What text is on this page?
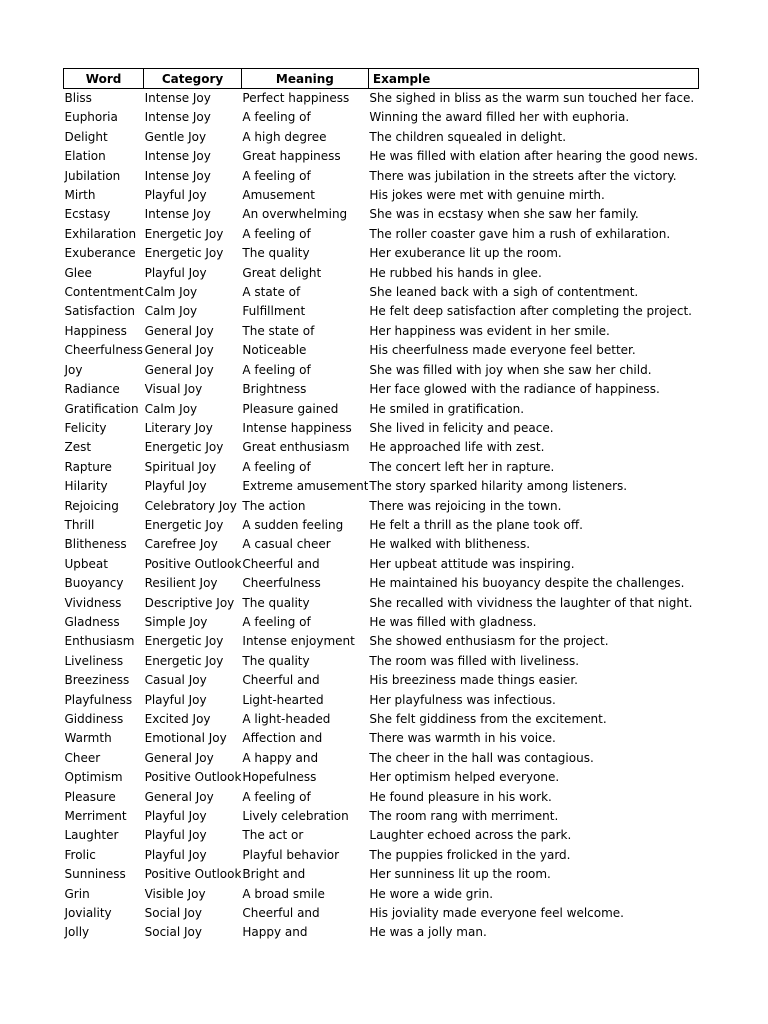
Word	Category	Meaning	Example
Bliss	Intense Joy	Perfect happiness	She sighed in bliss as the warm sun touched her face.
Euphoria	Intense Joy	A feeling of	Winning the award filled her with euphoria.
Delight	Gentle Joy	A high degree	The children squealed in delight.
Elation	Intense Joy	Great happiness	He was filled with elation after hearing the good news.
Jubilation	Intense Joy	A feeling of	There was jubilation in the streets after the victory.
Mirth	Playful Joy	Amusement	His jokes were met with genuine mirth.
Ecstasy	Intense Joy	An overwhelming	She was in ecstasy when she saw her family.
Exhilaration	Energetic Joy	A feeling of	The roller coaster gave him a rush of exhilaration.
Exuberance	Energetic Joy	The quality	Her exuberance lit up the room.
Glee	Playful Joy	Great delight	He rubbed his hands in glee.
Contentment	Calm Joy	A state of	She leaned back with a sigh of contentment.
Satisfaction	Calm Joy	Fulfillment	He felt deep satisfaction after completing the project.
Happiness	General Joy	The state of	Her happiness was evident in her smile.
Cheerfulness	General Joy	Noticeable	His cheerfulness made everyone feel better.
Joy	General Joy	A feeling of	She was filled with joy when she saw her child.
Radiance	Visual Joy	Brightness	Her face glowed with the radiance of happiness.
Gratification	Calm Joy	Pleasure gained	He smiled in gratification.
Felicity	Literary Joy	Intense happiness	She lived in felicity and peace.
Zest	Energetic Joy	Great enthusiasm	He approached life with zest.
Rapture	Spiritual Joy	A feeling of	The concert left her in rapture.
Hilarity	Playful Joy	Extreme amusement	The story sparked hilarity among listeners.
Rejoicing	Celebratory Joy	The action	There was rejoicing in the town.
Thrill	Energetic Joy	A sudden feeling	He felt a thrill as the plane took off.
Blitheness	Carefree Joy	A casual cheer	He walked with blitheness.
Upbeat	Positive Outlook	Cheerful and	Her upbeat attitude was inspiring.
Buoyancy	Resilient Joy	Cheerfulness	He maintained his buoyancy despite the challenges.
Vividness	Descriptive Joy	The quality	She recalled with vividness the laughter of that night.
Gladness	Simple Joy	A feeling of	He was filled with gladness.
Enthusiasm	Energetic Joy	Intense enjoyment	She showed enthusiasm for the project.
Liveliness	Energetic Joy	The quality	The room was filled with liveliness.
Breeziness	Casual Joy	Cheerful and	His breeziness made things easier.
Playfulness	Playful Joy	Light-hearted	Her playfulness was infectious.
Giddiness	Excited Joy	A light-headed	She felt giddiness from the excitement.
Warmth	Emotional Joy	Affection and	There was warmth in his voice.
Cheer	General Joy	A happy and	The cheer in the hall was contagious.
Optimism	Positive Outlook	Hopefulness	Her optimism helped everyone.
Pleasure	General Joy	A feeling of	He found pleasure in his work.
Merriment	Playful Joy	Lively celebration	The room rang with merriment.
Laughter	Playful Joy	The act or	Laughter echoed across the park.
Frolic	Playful Joy	Playful behavior	The puppies frolicked in the yard.
Sunniness	Positive Outlook	Bright and	Her sunniness lit up the room.
Grin	Visible Joy	A broad smile	He wore a wide grin.
Joviality	Social Joy	Cheerful and	His joviality made everyone feel welcome.
Jolly	Social Joy	Happy and	He was a jolly man.
